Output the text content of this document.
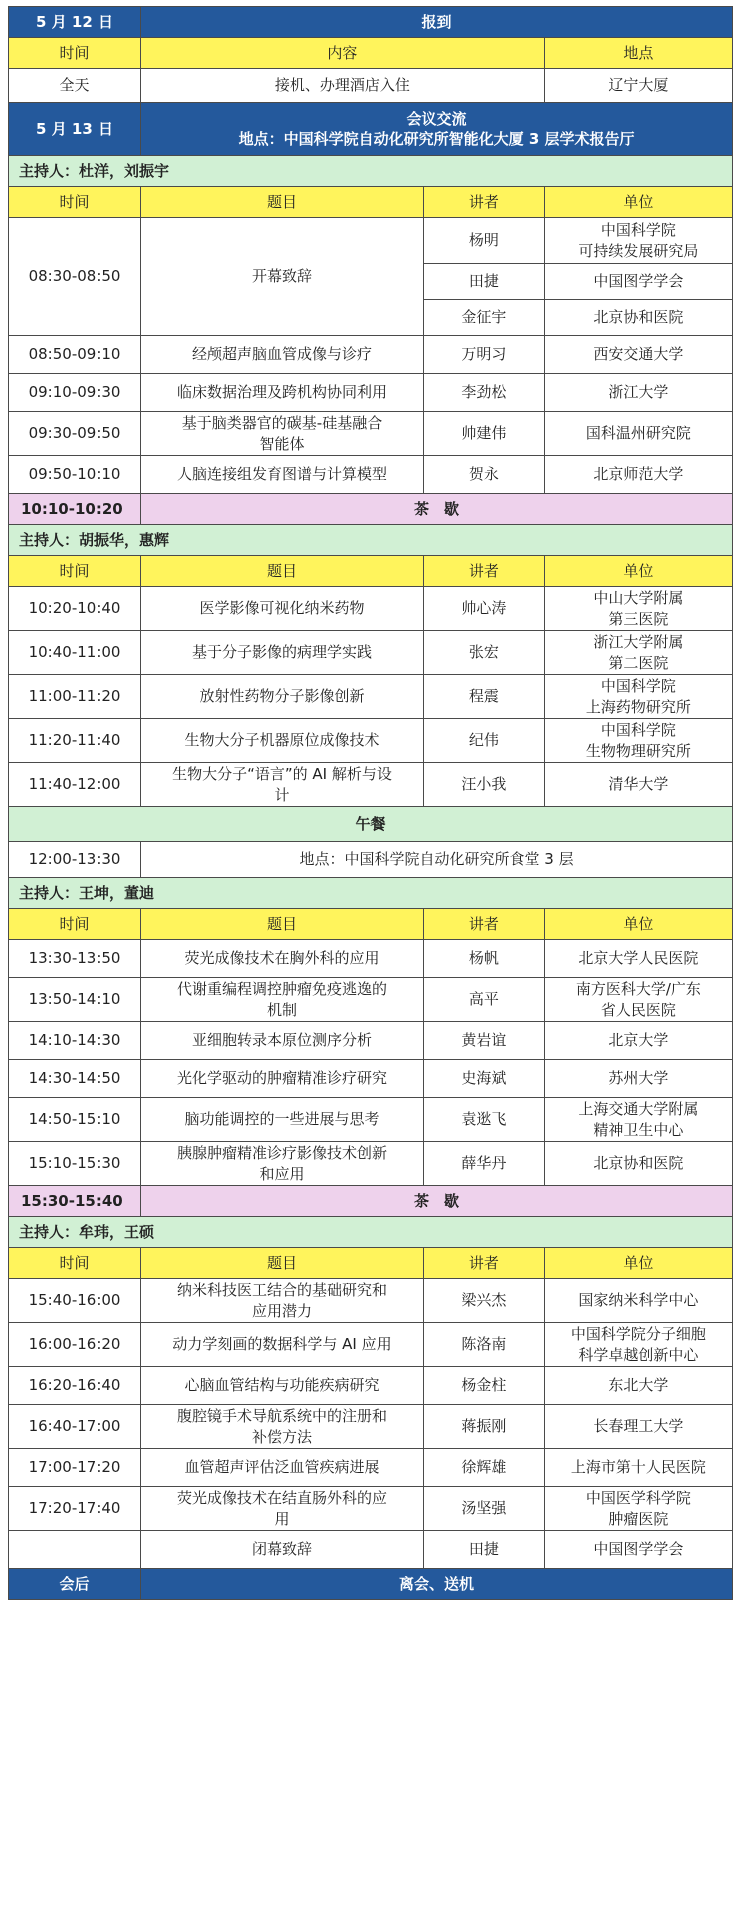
5 月 12 日	报到		
时间	内容		地点
全天	接机、办理酒店入住		辽宁大厦
5 月 13 日	会议交流
地点：中国科学院自动化研究所智能化大厦 3 层学术报告厅		

主持人：杜洋，刘振宇			
时间	题目	讲者	单位
08:30-08:50	开幕致辞	杨明	中国科学院
可持续发展研究局

		田捷	中国图学学会

		金征宇	北京协和医院

08:50-09:10	经颅超声脑血管成像与诊疗	万明习	西安交通大学

09:10-09:30	临床数据治理及跨机构协同利用	李劲松	浙江大学

09:30-09:50	基于脑类器官的碳基-硅基融合
智能体	帅建伟	国科温州研究院

09:50-10:10	人脑连接组发育图谱与计算模型	贺永	北京师范大学

10:10-10:20	茶　歇		
主持人：胡振华，惠辉			
时间	题目	讲者	单位
10:20-10:40	医学影像可视化纳米药物	帅心涛	中山大学附属
第三医院

10:40-11:00	基于分子影像的病理学实践	张宏	浙江大学附属
第二医院

11:00-11:20	放射性药物分子影像创新	程震	中国科学院
上海药物研究所

11:20-11:40	生物大分子机器原位成像技术	纪伟	中国科学院
生物物理研究所

11:40-12:00	生物大分子“语言”的 AI 解析与设
计	汪小我	清华大学

午餐			
12:00-13:30	地点：中国科学院自动化研究所食堂 3 层		
主持人：王坤，董迪			
时间	题目	讲者	单位
13:30-13:50	荧光成像技术在胸外科的应用	杨帆	北京大学人民医院

13:50-14:10	代谢重编程调控肿瘤免疫逃逸的
机制	高平	南方医科大学/广东
省人民医院

14:10-14:30	亚细胞转录本原位测序分析	黄岩谊	北京大学

14:30-14:50	光化学驱动的肿瘤精准诊疗研究	史海斌	苏州大学

14:50-15:10	脑功能调控的一些进展与思考	袁逖飞	上海交通大学附属
精神卫生中心

15:10-15:30	胰腺肿瘤精准诊疗影像技术创新
和应用	薛华丹	北京协和医院

15:30-15:40	茶　歇		
主持人：牟玮，王硕			
时间	题目	讲者	单位
15:40-16:00	纳米科技医工结合的基础研究和
应用潜力	梁兴杰	国家纳米科学中心

16:00-16:20	动力学刻画的数据科学与 AI 应用	陈洛南	中国科学院分子细胞
科学卓越创新中心

16:20-16:40	心脑血管结构与功能疾病研究	杨金柱	东北大学

16:40-17:00	腹腔镜手术导航系统中的注册和
补偿方法	蒋振刚	长春理工大学

17:00-17:20	血管超声评估泛血管疾病进展	徐辉雄	上海市第十人民医院

17:20-17:40	荧光成像技术在结直肠外科的应
用	汤坚强	中国医学科学院
肿瘤医院

	闭幕致辞	田捷	中国图学学会

会后	离会、送机		
